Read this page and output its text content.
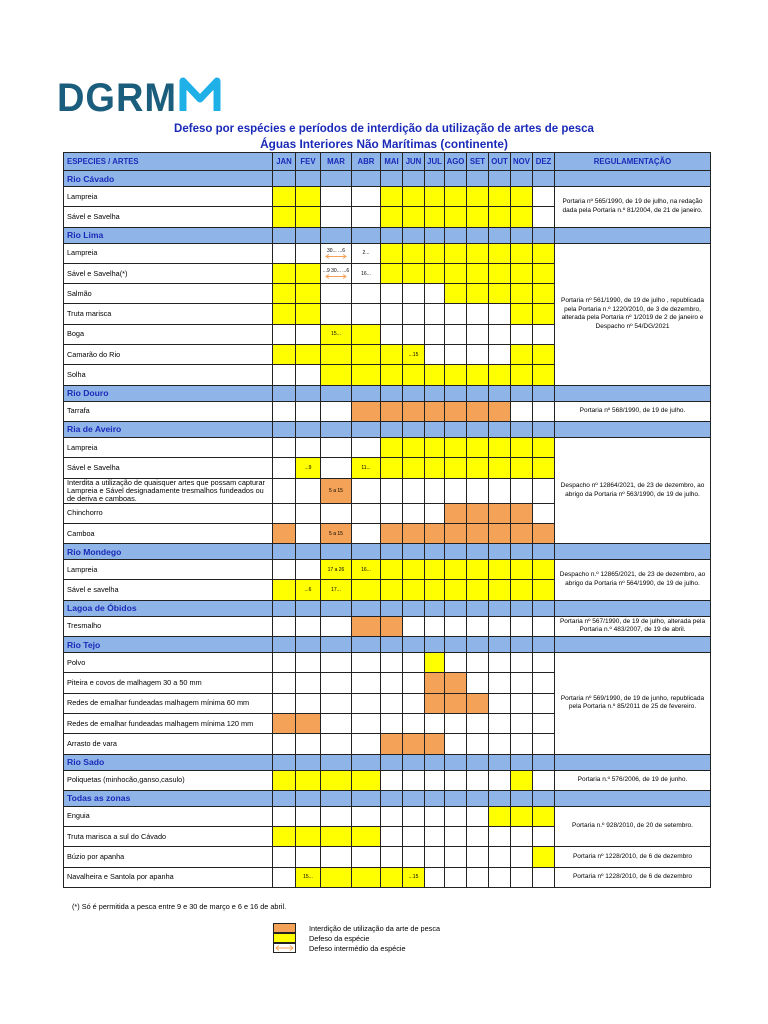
DGRM
Defeso por espécies e períodos de interdição da utilização de artes de pesca
Águas Interiores Não Marítimas (continente)
ESPECIES / ARTES	JAN	FEV	MAR	ABR	MAI	JUN	JUL	AGO	SET	OUT	NOV	DEZ	REGULAMENTAÇÃO
Rio Cávado													
Lampreia													Portaria nº 565/1990, de 19 de julho, na redação dada pela Portaria n.º 81/2004, de 21 de janeiro.
Sável e Savelha													
Rio Lima													
Lampreia			30... ...6	2...									Portaria nº 561/1990, de 19 de julho , republicada pela Portaria n.º 1220/2010, de 3 de dezembro, alterada pela Portaria nº 1/2019 de 2 de janeiro e Despacho nº 54/DG/2021
Sável e Savelha(*)			...9 30... ...6	16...									

Salmão													
Truta marisca													
Boga			15...										

Camarão do Rio						...15							

Solha													
Rio Douro													
Tarrafa													Portaria nº 568/1990, de 19 de julho.
Ria de Aveiro													
Lampreia													Despacho nº 12864/2021, de 23 de dezembro, ao abrigo da Portaria nº 563/1990, de 19 de julho.
Sável e Savelha		...9		11...									

Interdita a utilização de quaisquer artes que possam capturar Lampreia e Sável designadamente tresmalhos fundeados ou de deriva e camboas.			5 a 15										

Chinchorro													
Camboa			5 a 15										

Rio Mondego													
Lampreia			17 a 26	16...									Despacho n.º 12865/2021, de 23 de dezembro, ao abrigo da Portaria nº 564/1990, de 19 de julho.
Sável e savelha		...6	17...										

Lagoa de Óbidos													
Tresmalho													Portaria nº 567/1990, de 19 de julho, alterada pela Portaria n.º 483/2007, de 19 de abril.
Rio Tejo													
Polvo													Portaria nº 569/1990, de 19 de junho, republicada pela Portaria n.º 85/2011 de 25 de fevereiro.
Piteira e covos de malhagem 30 a 50 mm													
Redes de emalhar fundeadas malhagem mínima 60 mm													
Redes de emalhar fundeadas malhagem mínima 120 mm													
Arrasto de vara													
Rio Sado													
Poliquetas (minhocão,ganso,casulo)													Portaria n.º 576/2006, de 19 de junho.
Todas as zonas													
Enguia													Portaria n.º 928/2010, de 20 de setembro.
Truta marisca a sul do Cávado													
Búzio por apanha													Portaria nº 1228/2010, de 6 de dezembro
Navalheira e Santola por apanha		15...				...15							Portaria nº 1228/2010, de 6 de dezembro
(*) Só é permitida a pesca entre 9 e 30 de março e 6 e 16 de abril.
Interdição de utilização da arte de pesca
Defeso da espécie
Defeso intermédio da espécie
